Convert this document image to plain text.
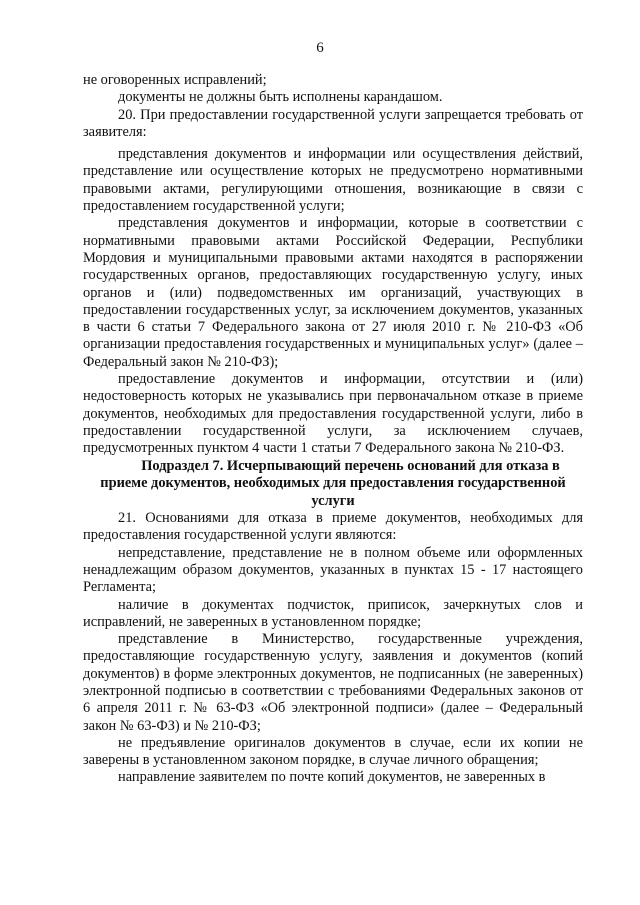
6

не оговоренных исправлений;

документы не должны быть исполнены карандашом.

20. При предоставлении государственной услуги запрещается требовать от заявителя:

представления документов и информации или осуществления действий, представление или осуществление которых не предусмотрено нормативными правовыми актами, регулирующими отношения, возникающие в связи с предоставлением государственной услуги;

представления документов и информации, которые в соответствии с нормативными правовыми актами Российской Федерации, Республики Мордовия и муниципальными правовыми актами находятся в распоряжении государственных органов, предоставляющих государственную услугу, иных органов и (или) подведомственных им организаций, участвующих в предоставлении государственных услуг, за исключением документов, указанных в части 6 статьи 7 Федерального закона от 27 июля 2010 г. № 210-ФЗ «Об организации предоставления государственных и муниципальных услуг» (далее – Федеральный закон № 210-ФЗ);

предоставление документов и информации, отсутствии и (или) недостоверность которых не указывались при первоначальном отказе в приеме документов, необходимых для предоставления государственной услуги, либо в предоставлении государственной услуги, за исключением случаев, предусмотренных пунктом 4 части 1 статьи 7 Федерального закона № 210-ФЗ.

Подраздел 7. Исчерпывающий перечень оснований для отказа в приеме документов, необходимых для предоставления государственной услуги

21. Основаниями для отказа в приеме документов, необходимых для предоставления государственной услуги являются:

непредставление, представление не в полном объеме или оформленных ненадлежащим образом документов, указанных в пунктах 15 - 17 настоящего Регламента;

наличие в документах подчисток, приписок, зачеркнутых слов и исправлений, не заверенных в установленном порядке;

представление в Министерство, государственные учреждения, предоставляющие государственную услугу, заявления и документов (копий документов) в форме электронных документов, не подписанных (не заверенных) электронной подписью в соответствии с требованиями Федеральных законов от 6 апреля 2011 г. № 63-ФЗ «Об электронной подписи» (далее – Федеральный закон № 63-ФЗ) и № 210-ФЗ;

не предъявление оригиналов документов в случае, если их копии не заверены в установленном законом порядке, в случае личного обращения;

направление заявителем по почте копий документов, не заверенных в
